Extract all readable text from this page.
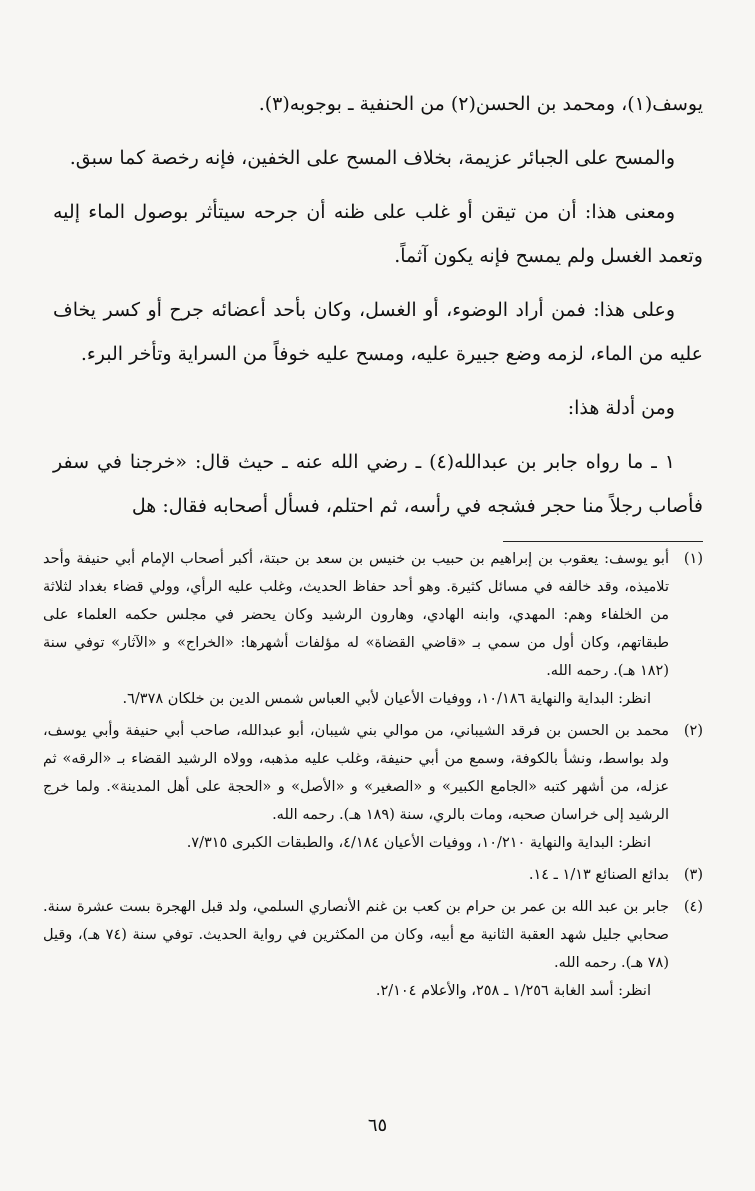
يوسف(١)، ومحمد بن الحسن(٢) من الحنفية ـ بوجوبه(٣).

والمسح على الجبائر عزيمة، بخلاف المسح على الخفين، فإنه رخصة كما سبق.

ومعنى هذا: أن من تيقن أو غلب على ظنه أن جرحه سيتأثر بوصول الماء إليه وتعمد الغسل ولم يمسح فإنه يكون آثماً.

وعلى هذا: فمن أراد الوضوء، أو الغسل، وكان بأحد أعضائه جرح أو كسر يخاف عليه من الماء، لزمه وضع جبيرة عليه، ومسح عليه خوفاً من السراية وتأخر البرء.

ومن أدلة هذا:

١ ـ ما رواه جابر بن عبدالله(٤) ـ رضي الله عنه ـ حيث قال: «خرجنا في سفر فأصاب رجلاً منا حجر فشجه في رأسه، ثم احتلم، فسأل أصحابه فقال: هل

(١)
أبو يوسف: يعقوب بن إبراهيم بن حبيب بن خنيس بن سعد بن حبتة، أكبر أصحاب الإمام أبي حنيفة وأحد تلاميذه، وقد خالفه في مسائل كثيرة. وهو أحد حفاظ الحديث، وغلب عليه الرأي، وولي قضاء بغداد لثلاثة من الخلفاء وهم: المهدي، وابنه الهادي، وهارون الرشيد وكان يحضر في مجلس حكمه العلماء على طبقاتهم، وكان أول من سمي بـ «قاضي القضاة» له مؤلفات أشهرها: «الخراج» و «الآثار» توفي سنة (١٨٢ هـ). رحمه الله.
انظر: البداية والنهاية ١٠/١٨٦، ووفيات الأعيان لأبي العباس شمس الدين بن خلكان ٦/٣٧٨.
(٢)
محمد بن الحسن بن فرقد الشيباني، من موالي بني شيبان، أبو عبدالله، صاحب أبي حنيفة وأبي يوسف، ولد بواسط، ونشأ بالكوفة، وسمع من أبي حنيفة، وغلب عليه مذهبه، وولاه الرشيد القضاء بـ «الرقه» ثم عزله، من أشهر كتبه «الجامع الكبير» و «الصغير» و «الأصل» و «الحجة على أهل المدينة». ولما خرج الرشيد إلى خراسان صحبه، ومات بالري، سنة (١٨٩ هـ). رحمه الله.
انظر: البداية والنهاية ١٠/٢١٠، ووفيات الأعيان ٤/١٨٤، والطبقات الكبرى ٧/٣١٥.
(٣)
بدائع الصنائع ١/١٣ ـ ١٤.
(٤)
جابر بن عبد الله بن عمر بن حرام بن كعب بن غنم الأنصاري السلمي، ولد قبل الهجرة بست عشرة سنة. صحابي جليل شهد العقبة الثانية مع أبيه، وكان من المكثرين في رواية الحديث. توفي سنة (٧٤ هـ)، وقيل (٧٨ هـ). رحمه الله.
انظر: أسد الغابة ١/٢٥٦ ـ ٢٥٨، والأعلام ٢/١٠٤.
٦٥
